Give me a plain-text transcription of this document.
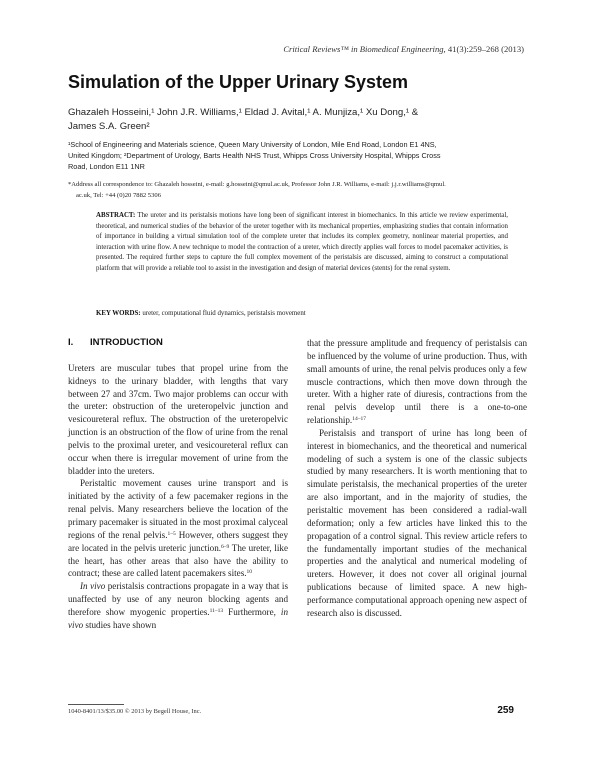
Critical Reviews™ in Biomedical Engineering, 41(3):259–268 (2013)
Simulation of the Upper Urinary System
Ghazaleh Hosseini,¹ John J.R. Williams,¹ Eldad J. Avital,¹ A. Munjiza,¹ Xu Dong,¹ &
James S.A. Green²
¹School of Engineering and Materials science, Queen Mary University of London, Mile End Road, London E1 4NS,
United Kingdom; ²Department of Urology, Barts Health NHS Trust, Whipps Cross University Hospital, Whipps Cross
Road, London E11 1NR
*Address all correspondence to: Ghazaleh hosseini, e-mail: g.hosseini@qmul.ac.uk, Professor John J.R. Williams, e-mail: j.j.r.williams@qmul.
ac.uk, Tel: +44 (0)20 7882 5306
ABSTRACT: The ureter and its peristalsis motions have long been of significant interest in biomechanics. In this article we review experimental, theoretical, and numerical studies of the behavior of the ureter together with its mechanical properties, emphasizing studies that contain information of importance in building a virtual simulation tool of the complete ureter that includes its complex geometry, nonlinear material properties, and interaction with urine flow. A new technique to model the contraction of a ureter, which directly applies wall forces to model pacemaker activities, is presented. The required further steps to capture the full complex movement of the peristalsis are discussed, aiming to construct a computational platform that will provide a reliable tool to assist in the investigation and design of material devices (stents) for the renal system.
KEY WORDS: ureter, computational fluid dynamics, peristalsis movement
I. INTRODUCTION

Ureters are muscular tubes that propel urine from the kidneys to the urinary bladder, with lengths that vary between 27 and 37cm. Two major problems can occur with the ureter: obstruction of the ureteropelvic junction and vesicoureteral reflux. The obstruction of the ureteropelvic junction is an obstruction of the flow of urine from the renal pelvis to the proximal ureter, and vesicoureteral reflux can occur when there is irregular movement of urine from the bladder into the ureters.

Peristaltic movement causes urine transport and is initiated by the activity of a few pacemaker regions in the renal pelvis. Many researchers believe the location of the primary pacemaker is situated in the most proximal calyceal regions of the renal pelvis.$^{1-5}$ However, others suggest they are located in the pelvis ureteric junction.$^{6-9}$ The ureter, like the heart, has other areas that also have the ability to contract; these are called latent pacemakers sites.$^{10}$

In vivo peristalsis contractions propagate in a way that is unaffected by use of any neuron blocking agents and therefore show myogenic properties.$^{11-13}$ Furthermore, in vivo studies have shown

that the pressure amplitude and frequency of peristalsis can be influenced by the volume of urine production. Thus, with small amounts of urine, the renal pelvis produces only a few muscle contractions, which then move down through the ureter. With a higher rate of diuresis, contractions from the renal pelvis develop until there is a one-to-one relationship.$^{14-17}$

Peristalsis and transport of urine has long been of interest in biomechanics, and the theoretical and numerical modeling of such a system is one of the classic subjects studied by many researchers. It is worth mentioning that to simulate peristalsis, the mechanical properties of the ureter are also important, and in the majority of studies, the peristaltic movement has been considered a radial-wall deformation; only a few articles have linked this to the propagation of a control signal. This review article refers to the fundamentally important studies of the mechanical properties and the analytical and numerical modeling of ureters. However, it does not cover all original journal publications because of limited space. A new high-performance computational approach opening new aspect of research also is discussed.

1040-8401/13/$35.00 © 2013 by Begell House, Inc.	259
